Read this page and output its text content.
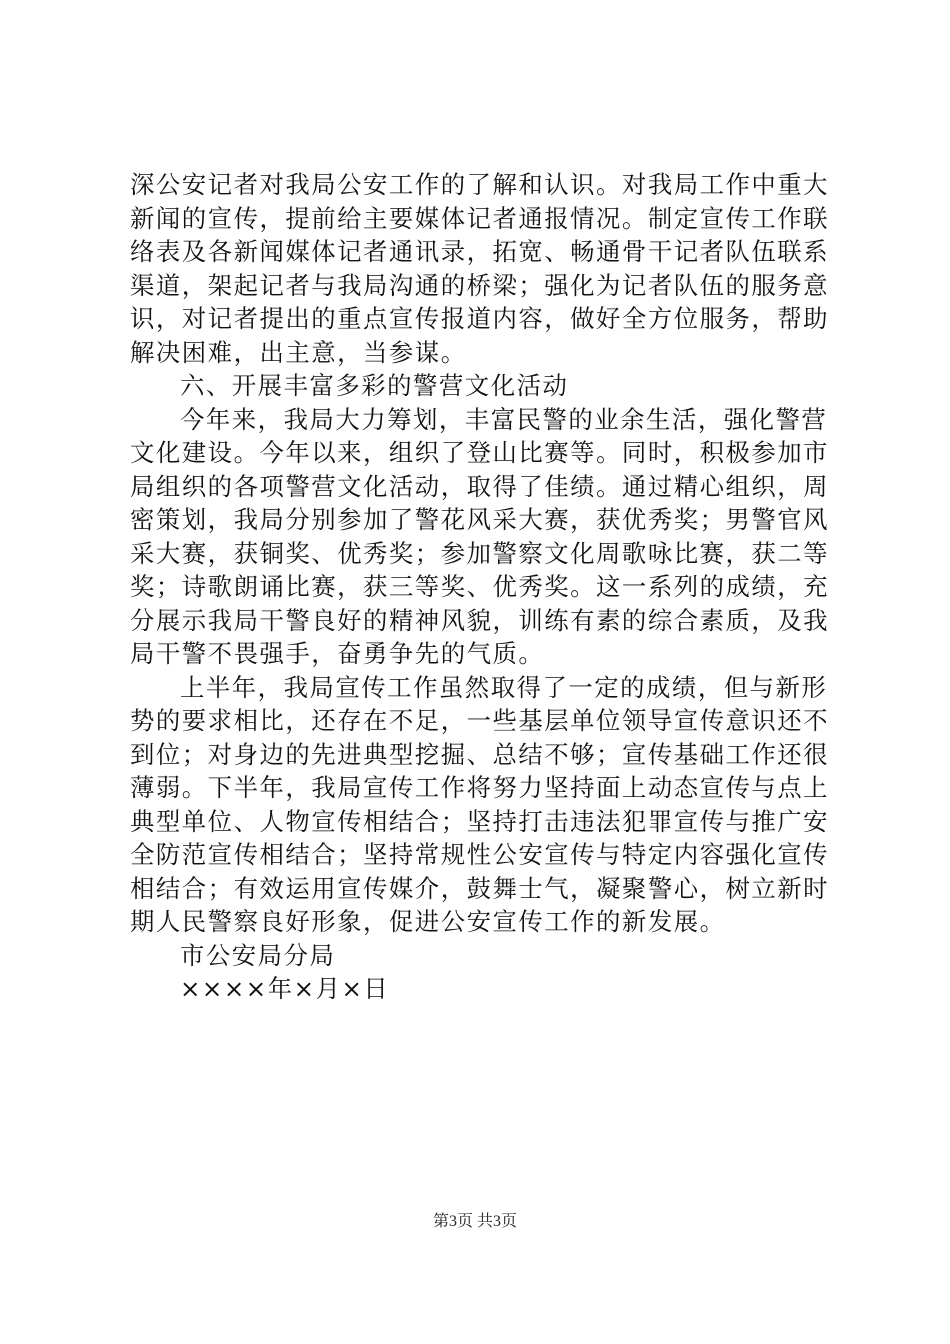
深公安记者对我局公安工作的了解和认识。对我局工作中重大
新闻的宣传，提前给主要媒体记者通报情况。制定宣传工作联
络表及各新闻媒体记者通讯录，拓宽、畅通骨干记者队伍联系
渠道，架起记者与我局沟通的桥梁；强化为记者队伍的服务意
识，对记者提出的重点宣传报道内容，做好全方位服务，帮助
解决困难，出主意，当参谋。
六、开展丰富多彩的警营文化活动
今年来，我局大力筹划，丰富民警的业余生活，强化警营
文化建设。今年以来，组织了登山比赛等。同时，积极参加市
局组织的各项警营文化活动，取得了佳绩。通过精心组织，周
密策划，我局分别参加了警花风采大赛，获优秀奖；男警官风
采大赛，获铜奖、优秀奖；参加警察文化周歌咏比赛，获二等
奖；诗歌朗诵比赛，获三等奖、优秀奖。这一系列的成绩，充
分展示我局干警良好的精神风貌，训练有素的综合素质，及我
局干警不畏强手，奋勇争先的气质。
上半年，我局宣传工作虽然取得了一定的成绩，但与新形
势的要求相比，还存在不足，一些基层单位领导宣传意识还不
到位；对身边的先进典型挖掘、总结不够；宣传基础工作还很
薄弱。下半年，我局宣传工作将努力坚持面上动态宣传与点上
典型单位、人物宣传相结合；坚持打击违法犯罪宣传与推广安
全防范宣传相结合；坚持常规性公安宣传与特定内容强化宣传
相结合；有效运用宣传媒介，鼓舞士气，凝聚警心，树立新时
期人民警察良好形象，促进公安宣传工作的新发展。
市公安局分局
××××年×月×日
第3页 共3页
